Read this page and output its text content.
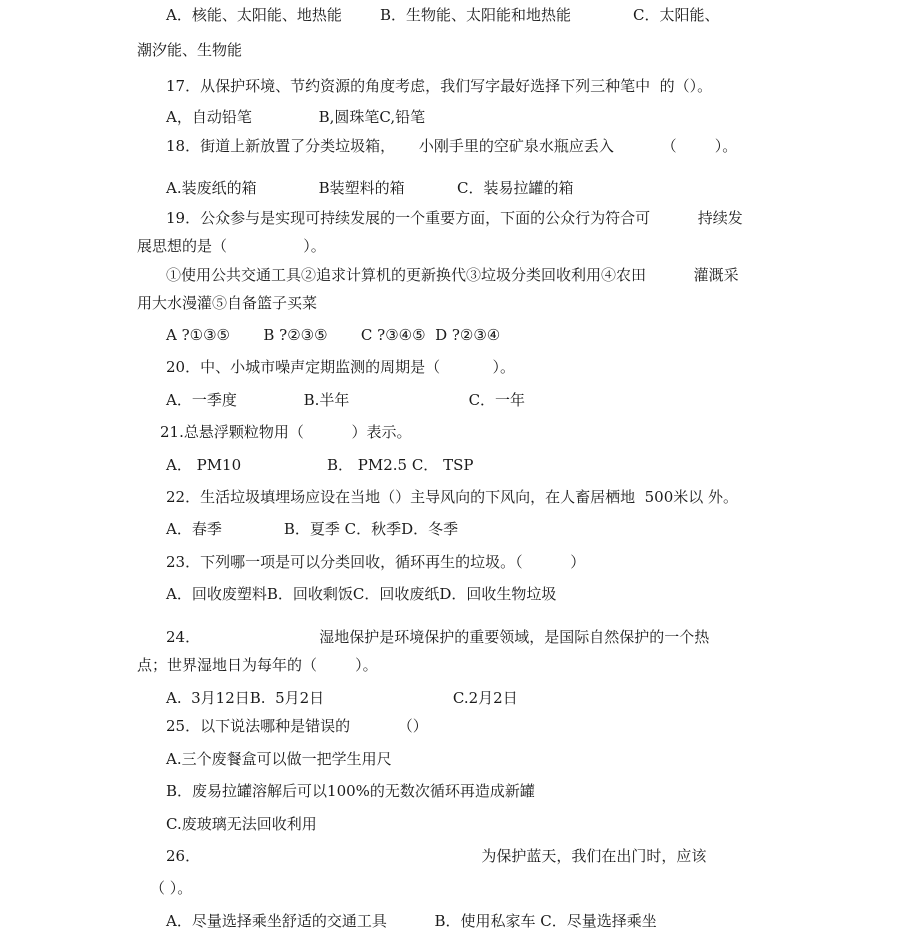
A．核能、太阳能、地热能        B．生物能、太阳能和地热能             C．太阳能、
潮汐能、生物能
17．从保护环境、节约资源的角度考虑，我们写字最好选择下列三种笔中  的（）。
A，自动铅笔              B,圆珠笔C,铅笔
18．街道上新放置了分类垃圾箱，     小刚手里的空矿泉水瓶应丢入          （        ）。
A.装废纸的箱             B装塑料的箱           C．装易拉罐的箱
19．公众参与是实现可持续发展的一个重要方面，下面的公众行为符合可          持续发
展思想的是（                ）。
①使用公共交通工具②追求计算机的更新换代③垃圾分类回收利用④农田          灌溉采
用大水漫灌⑤自备篮子买菜
A ?①③⑤       B ?②③⑤       C ?③④⑤  D ?②③④
20．中、小城市噪声定期监测的周期是（           ）。
A．一季度              B.半年                         C．一年
21.总悬浮颗粒物用（          ）表示。
A． PM10                  B． PM2.5 C． TSP
22．生活垃圾填埋场应设在当地（）主导风向的下风向，在人畜居栖地  500米以 外。
A．春季             B．夏季 C．秋季D．冬季
23．下列哪一项是可以分类回收，循环再生的垃圾。（          ）
A．回收废塑料B．回收剩饭C．回收废纸D．回收生物垃圾
24．                         湿地保护是环境保护的重要领域，是国际自然保护的一个热
点；世界湿地日为每年的（        ）。
A.  3月12日B.  5月2日                           C.2月2日
25．以下说法哪种是错误的          （）
A.三个废餐盒可以做一把学生用尺
B．废易拉罐溶解后可以100%的无数次循环再造成新罐
C.废玻璃无法回收利用
26．                                                           为保护蓝天，我们在出门时，应该
（ ）。
A．尽量选择乘坐舒适的交通工具          B．使用私家车 C．尽量选择乘坐
